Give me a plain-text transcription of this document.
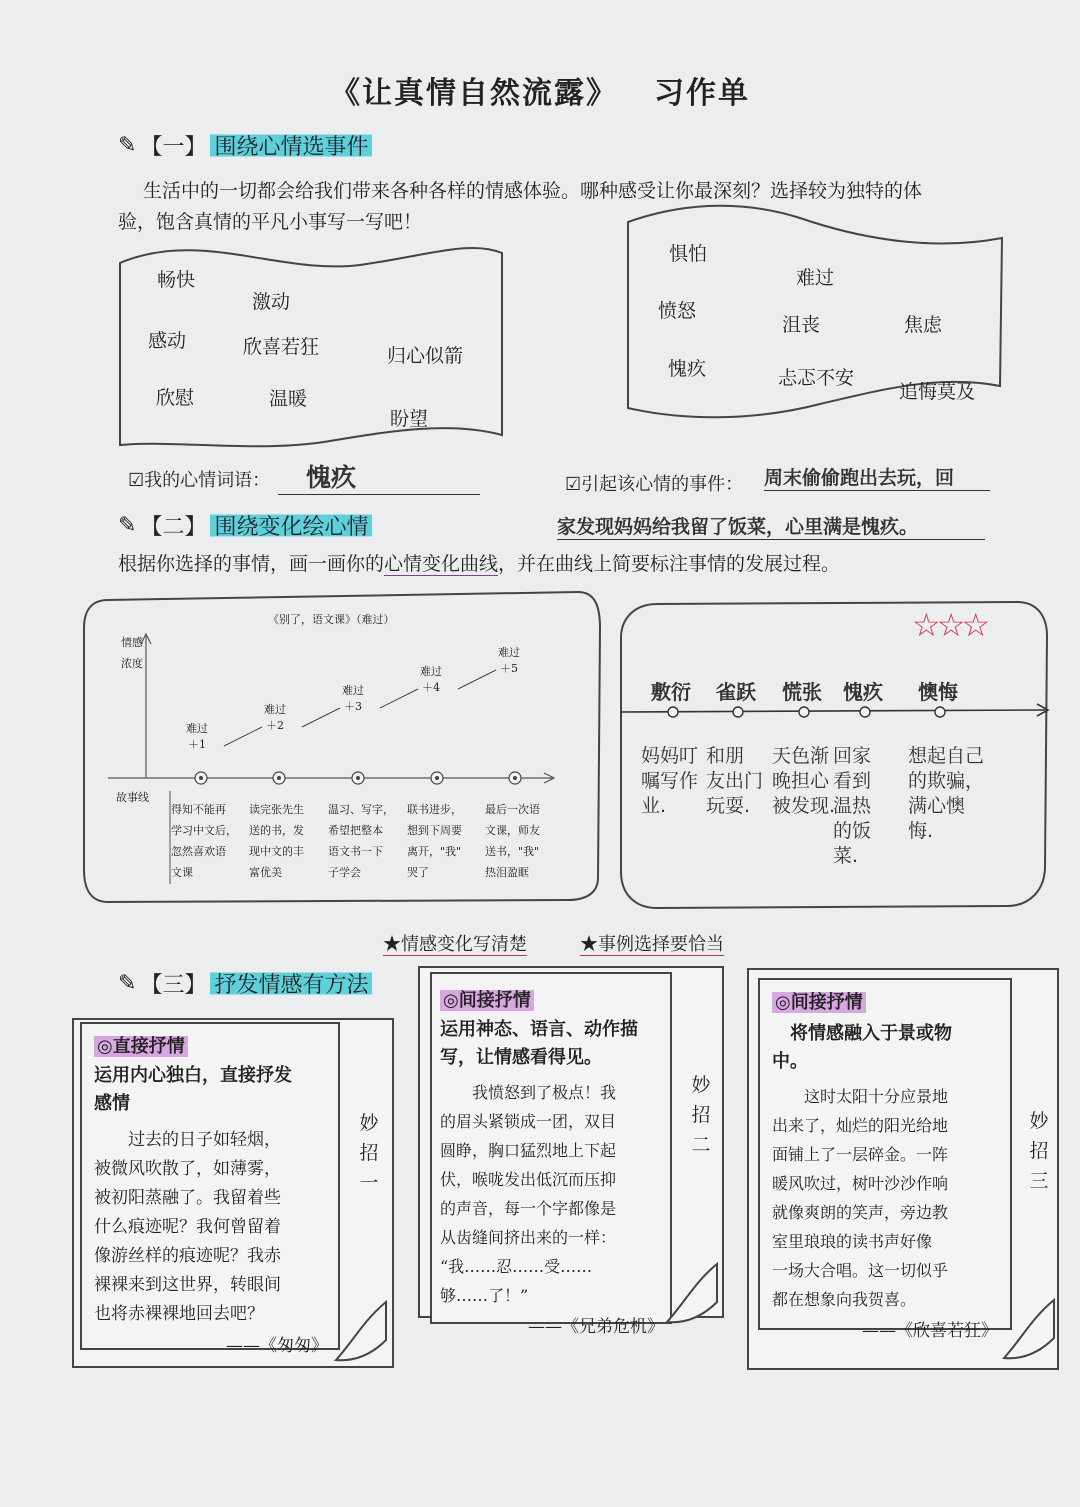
《让真情自然流露》 习作单
✎ 【一】 围绕心情选事件
生活中的一切都会给我们带来各种各样的情感体验。哪种感受让你最深刻？选择较为独特的体
验，饱含真情的平凡小事写一写吧！
畅快
激动
感动	欣喜若狂	归心似箭
欣慰	温暖
盼望
惧怕
难过
愤怒
沮丧	焦虑
愧疚	忐忑不安
追悔莫及
☑我的心情词语：	愧疚	☑引起该心情的事件： 周末偷偷跑出去玩，回
家发现妈妈给我留了饭菜，心里满是愧疚。
✎ 【二】 围绕变化绘心情
根据你选择的事情，画一画你的心情变化曲线，并在曲线上简要标注事情的发展过程。
《别了，语文课》（难过）
情感
浓度
故事线
难过
＋1
得知不能再
学习中文后，
忽然喜欢语
文课
难过
＋2
读完张先生
送的书，发
现中文的丰
富优美
难过
＋3
温习、写字，
希望把整本
语文书一下
子学会
难过
＋4
联书进步，
想到下周要
离开，"我"
哭了
难过
＋5
最后一次语
文课，师友
送书，"我"
热泪盈眶
☆☆☆
敷衍
妈妈叮
嘱写作
业.
雀跃
和朋
友出门
玩耍.
慌张
天色渐
晚担心
被发现.
愧疚
回家
看到
温热
的饭
菜.
懊悔
想起自己
的欺骗，
满心懊
悔.
★情感变化写清楚	★事例选择要恰当
✎ 【三】 抒发情感有方法
◎直接抒情
运用内心独白，直接抒发
感情
过去的日子如轻烟，
被微风吹散了，如薄雾，
被初阳蒸融了。我留着些
什么痕迹呢？我何曾留着
像游丝样的痕迹呢？我赤
裸裸来到这世界，转眼间
也将赤裸裸地回去吧？
——《匆匆》
妙
招
一
◎间接抒情
运用神态、语言、动作描
写，让情感看得见。
我愤怒到了极点！我
的眉头紧锁成一团，双目
圆睁，胸口猛烈地上下起
伏，喉咙发出低沉而压抑
的声音，每一个字都像是
从齿缝间挤出来的一样：
“我……忍……受……
够……了！”
——《兄弟危机》
妙
招
二
◎间接抒情
将情感融入于景或物
中。
这时太阳十分应景地
出来了，灿烂的阳光给地
面铺上了一层碎金。一阵
暖风吹过，树叶沙沙作响
就像爽朗的笑声，旁边教
室里琅琅的读书声好像
一场大合唱。这一切似乎
都在想象向我贺喜。
——《欣喜若狂》
妙
招
三
